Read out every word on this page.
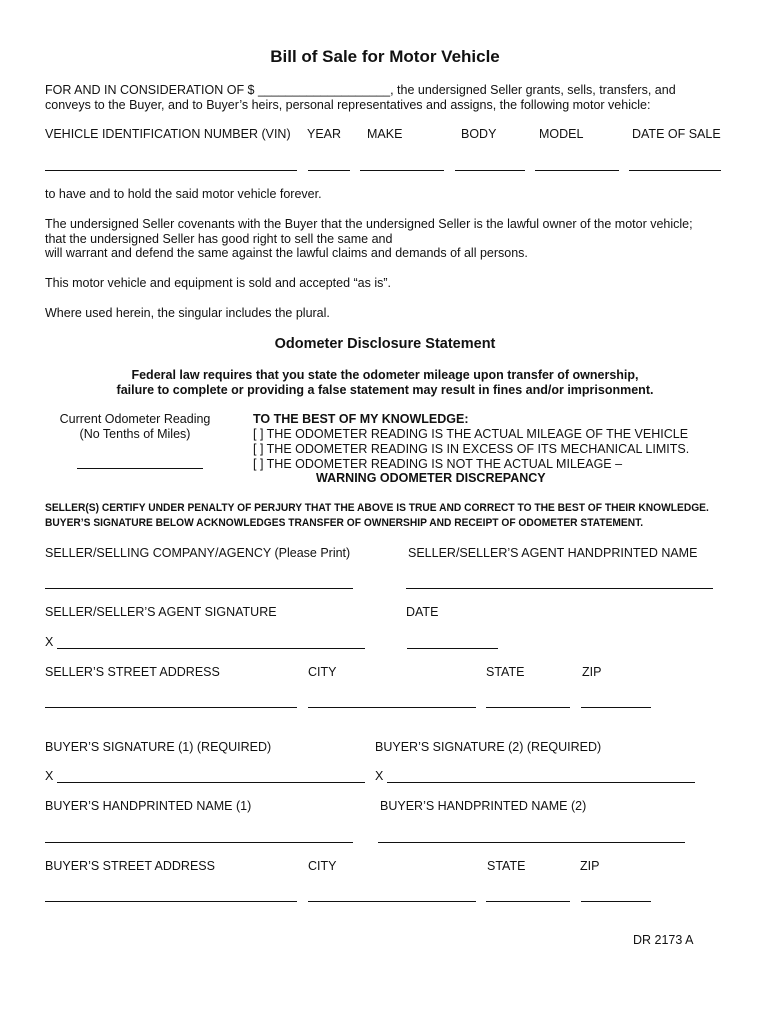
Bill of Sale for Motor Vehicle
FOR AND IN CONSIDERATION OF $ ___________________, the undersigned Seller grants, sells, transfers, and
conveys to the Buyer, and to Buyer’s heirs, personal representatives and assigns, the following motor vehicle:
VEHICLE IDENTIFICATION NUMBER (VIN) YEAR MAKE	BODY	MODEL	DATE OF SALE
to have and to hold the said motor vehicle forever.
The undersigned Seller covenants with the Buyer that the undersigned Seller is the lawful owner of the motor vehicle;
that the undersigned Seller has good right to sell the same and
will warrant and defend the same against the lawful claims and demands of all persons.
This motor vehicle and equipment is sold and accepted “as is”.
Where used herein, the singular includes the plural.
Odometer Disclosure Statement
Federal law requires that you state the odometer mileage upon transfer of ownership,
failure to complete or providing a false statement may result in fines and/or imprisonment.
Current Odometer Reading
(No Tenths of Miles)
TO THE BEST OF MY KNOWLEDGE:
[ ] THE ODOMETER READING IS THE ACTUAL MILEAGE OF THE VEHICLE
[ ] THE ODOMETER READING IS IN EXCESS OF ITS MECHANICAL LIMITS.
[ ] THE ODOMETER READING IS NOT THE ACTUAL MILEAGE –
WARNING ODOMETER DISCREPANCY
SELLER(S) CERTIFY UNDER PENALTY OF PERJURY THAT THE ABOVE IS TRUE AND CORRECT TO THE BEST OF THEIR KNOWLEDGE.
BUYER’S SIGNATURE BELOW ACKNOWLEDGES TRANSFER OF OWNERSHIP AND RECEIPT OF ODOMETER STATEMENT.
SELLER/SELLING COMPANY/AGENCY (Please Print)	SELLER/SELLER’S AGENT HANDPRINTED NAME
SELLER/SELLER’S AGENT SIGNATURE	DATE
X
SELLER’S STREET ADDRESS	CITY	STATE	ZIP
BUYER’S SIGNATURE (1) (REQUIRED)	BUYER’S SIGNATURE (2) (REQUIRED)
X	X
BUYER’S HANDPRINTED NAME (1)	BUYER’S HANDPRINTED NAME (2)
BUYER’S STREET ADDRESS	CITY	STATE	ZIP
DR 2173 A
